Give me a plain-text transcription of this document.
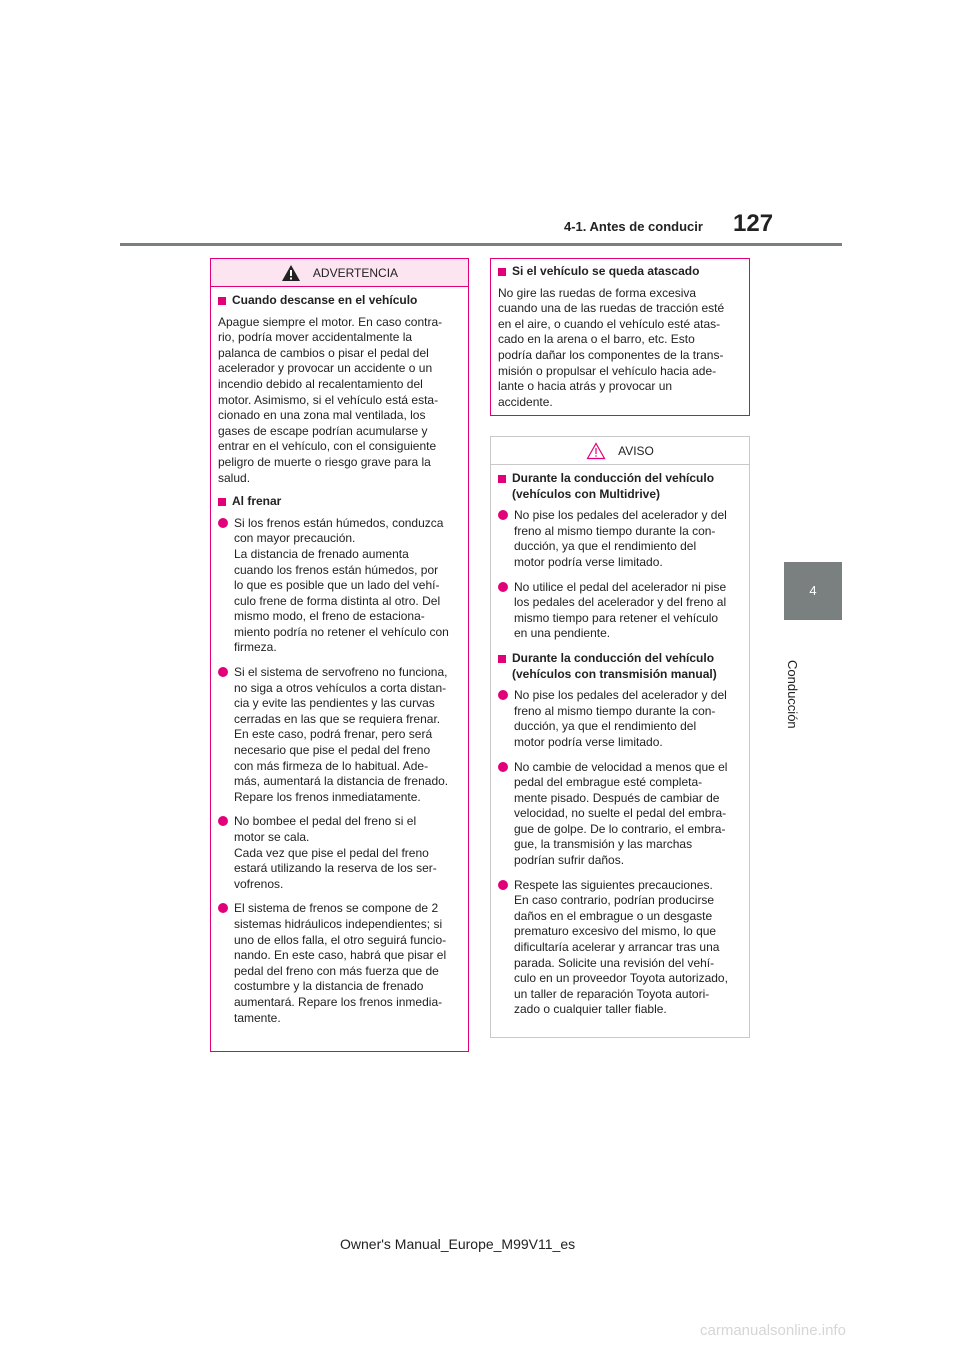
4-1. Antes de conducir 127
4
Conducción
ADVERTENCIA
Cuando descanse en el vehículo
Apague siempre el motor. En caso contra-
rio, podría mover accidentalmente la
palanca de cambios o pisar el pedal del
acelerador y provocar un accidente o un
incendio debido al recalentamiento del
motor. Asimismo, si el vehículo está esta-
cionado en una zona mal ventilada, los
gases de escape podrían acumularse y
entrar en el vehículo, con el consiguiente
peligro de muerte o riesgo grave para la
salud.
Al frenar
Si los frenos están húmedos, conduzca
con mayor precaución.
La distancia de frenado aumenta
cuando los frenos están húmedos, por
lo que es posible que un lado del vehí-
culo frene de forma distinta al otro. Del
mismo modo, el freno de estaciona-
miento podría no retener el vehículo con
firmeza.
Si el sistema de servofreno no funciona,
no siga a otros vehículos a corta distan-
cia y evite las pendientes y las curvas
cerradas en las que se requiera frenar.
En este caso, podrá frenar, pero será
necesario que pise el pedal del freno
con más firmeza de lo habitual. Ade-
más, aumentará la distancia de frenado.
Repare los frenos inmediatamente.
No bombee el pedal del freno si el
motor se cala.
Cada vez que pise el pedal del freno
estará utilizando la reserva de los ser-
vofrenos.
El sistema de frenos se compone de 2
sistemas hidráulicos independientes; si
uno de ellos falla, el otro seguirá funcio-
nando. En este caso, habrá que pisar el
pedal del freno con más fuerza que de
costumbre y la distancia de frenado
aumentará. Repare los frenos inmedia-
tamente.
Si el vehículo se queda atascado
No gire las ruedas de forma excesiva
cuando una de las ruedas de tracción esté
en el aire, o cuando el vehículo esté atas-
cado en la arena o el barro, etc. Esto
podría dañar los componentes de la trans-
misión o propulsar el vehículo hacia ade-
lante o hacia atrás y provocar un
accidente.
AVISO
Durante la conducción del vehículo
(vehículos con Multidrive)
No pise los pedales del acelerador y del
freno al mismo tiempo durante la con-
ducción, ya que el rendimiento del
motor podría verse limitado.
No utilice el pedal del acelerador ni pise
los pedales del acelerador y del freno al
mismo tiempo para retener el vehículo
en una pendiente.
Durante la conducción del vehículo
(vehículos con transmisión manual)
No pise los pedales del acelerador y del
freno al mismo tiempo durante la con-
ducción, ya que el rendimiento del
motor podría verse limitado.
No cambie de velocidad a menos que el
pedal del embrague esté completa-
mente pisado. Después de cambiar de
velocidad, no suelte el pedal del embra-
gue de golpe. De lo contrario, el embra-
gue, la transmisión y las marchas
podrían sufrir daños.
Respete las siguientes precauciones.
En caso contrario, podrían producirse
daños en el embrague o un desgaste
prematuro excesivo del mismo, lo que
dificultaría acelerar y arrancar tras una
parada. Solicite una revisión del vehí-
culo en un proveedor Toyota autorizado,
un taller de reparación Toyota autori-
zado o cualquier taller fiable.
Owner's Manual_Europe_M99V11_es
carmanualsonline.info
